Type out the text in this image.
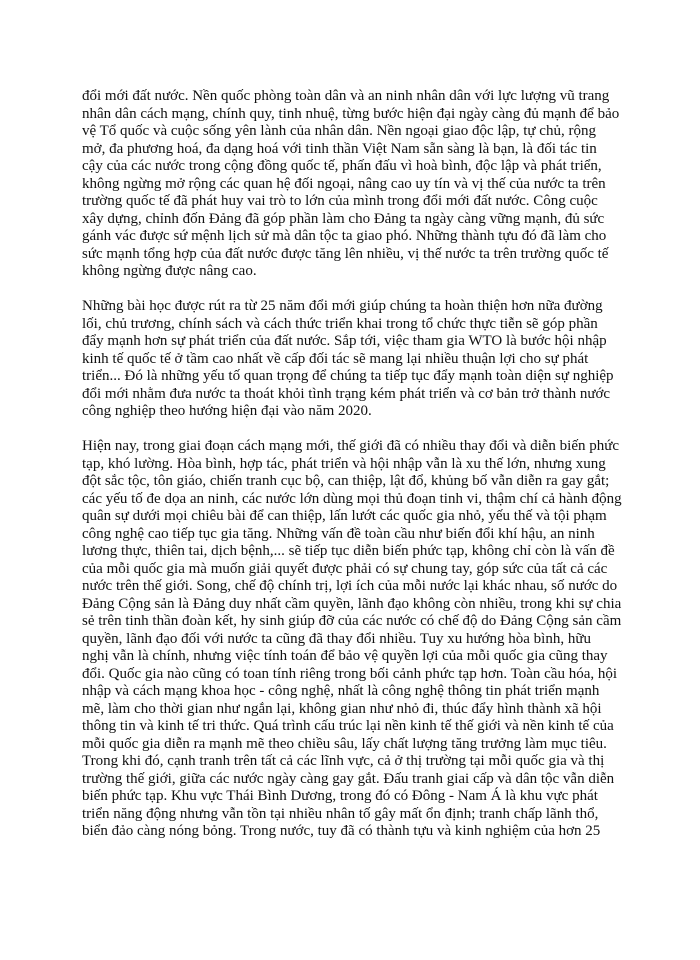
đổi mới đất nước. Nền quốc phòng toàn dân và an ninh nhân dân với lực lượng vũ trang
nhân dân cách mạng, chính quy, tinh nhuệ, từng bước hiện đại ngày càng đủ mạnh để bảo
vệ Tổ quốc và cuộc sống yên lành của nhân dân. Nền ngoại giao độc lập, tự chủ, rộng
mở, đa phương hoá, đa dạng hoá với tinh thần Việt Nam sẵn sàng là bạn, là đối tác tin
cậy của các nước trong cộng đồng quốc tế, phấn đấu vì hoà bình, độc lập và phát triển,
không ngừng mở rộng các quan hệ đối ngoại, nâng cao uy tín và vị thế của nước ta trên
trường quốc tế đã phát huy vai trò to lớn của mình trong đổi mới đất nước. Công cuộc
xây dựng, chỉnh đốn Đảng đã góp phần làm cho Đảng ta ngày càng vững mạnh, đủ sức
gánh vác được sứ mệnh lịch sử mà dân tộc ta giao phó. Những thành tựu đó đã làm cho
sức mạnh tổng hợp của đất nước được tăng lên nhiều, vị thế nước ta trên trường quốc tế
không ngừng được nâng cao.

Những bài học được rút ra từ 25 năm đổi mới giúp chúng ta hoàn thiện hơn nữa đường
lối, chủ trương, chính sách và cách thức triển khai trong tổ chức thực tiễn sẽ góp phần
đẩy mạnh hơn sự phát triển của đất nước. Sắp tới, việc tham gia WTO là bước hội nhập
kinh tế quốc tế ở tầm cao nhất về cấp đối tác sẽ mang lại nhiều thuận lợi cho sự phát
triển... Đó là những yếu tố quan trọng để chúng ta tiếp tục đẩy mạnh toàn diện sự nghiệp
đổi mới nhằm đưa nước ta thoát khỏi tình trạng kém phát triển và cơ bản trở thành nước
công nghiệp theo hướng hiện đại vào năm 2020.

Hiện nay, trong giai đoạn cách mạng mới, thế giới đã có nhiều thay đổi và diễn biến phức
tạp, khó lường. Hòa bình, hợp tác, phát triển và hội nhập vẫn là xu thế lớn, nhưng xung
đột sắc tộc, tôn giáo, chiến tranh cục bộ, can thiệp, lật đổ, khủng bố vẫn diễn ra gay gắt;
các yếu tố đe dọa an ninh, các nước lớn dùng mọi thủ đoạn tinh vi, thậm chí cả hành động
quân sự dưới mọi chiêu bài để can thiệp, lấn lướt các quốc gia nhỏ, yếu thế và tội phạm
công nghệ cao tiếp tục gia tăng. Những vấn đề toàn cầu như biến đổi khí hậu, an ninh
lương thực, thiên tai, dịch bệnh,... sẽ tiếp tục diễn biến phức tạp, không chỉ còn là vấn đề
của mỗi quốc gia mà muốn giải quyết được phải có sự chung tay, góp sức của tất cả các
nước trên thế giới. Song, chế độ chính trị, lợi ích của mỗi nước lại khác nhau, số nước do
Đảng Cộng sản là Đảng duy nhất cầm quyền, lãnh đạo không còn nhiều, trong khi sự chia
sẻ trên tinh thần đoàn kết, hy sinh giúp đỡ của các nước có chế độ do Đảng Cộng sản cầm
quyền, lãnh đạo đối với nước ta cũng đã thay đổi nhiều. Tuy xu hướng hòa bình, hữu
nghị vẫn là chính, nhưng việc tính toán để bảo vệ quyền lợi của mỗi quốc gia cũng thay
đổi. Quốc gia nào cũng có toan tính riêng trong bối cảnh phức tạp hơn. Toàn cầu hóa, hội
nhập và cách mạng khoa học - công nghệ, nhất là công nghệ thông tin phát triển mạnh
mẽ, làm cho thời gian như ngắn lại, không gian như nhỏ đi, thúc đẩy hình thành xã hội
thông tin và kinh tế tri thức. Quá trình cấu trúc lại nền kinh tế thế giới và nền kinh tế của
mỗi quốc gia diễn ra mạnh mẽ theo chiều sâu, lấy chất lượng tăng trưởng làm mục tiêu.
Trong khi đó, cạnh tranh trên tất cả các lĩnh vực, cả ở thị trường tại mỗi quốc gia và thị
trường thế giới, giữa các nước ngày càng gay gắt. Đấu tranh giai cấp và dân tộc vẫn diễn
biến phức tạp. Khu vực Thái Bình Dương, trong đó có Đông - Nam Á là khu vực phát
triển năng động nhưng vẫn tồn tại nhiều nhân tố gây mất ổn định; tranh chấp lãnh thổ,
biển đảo càng nóng bỏng. Trong nước, tuy đã có thành tựu và kinh nghiệm của hơn 25
